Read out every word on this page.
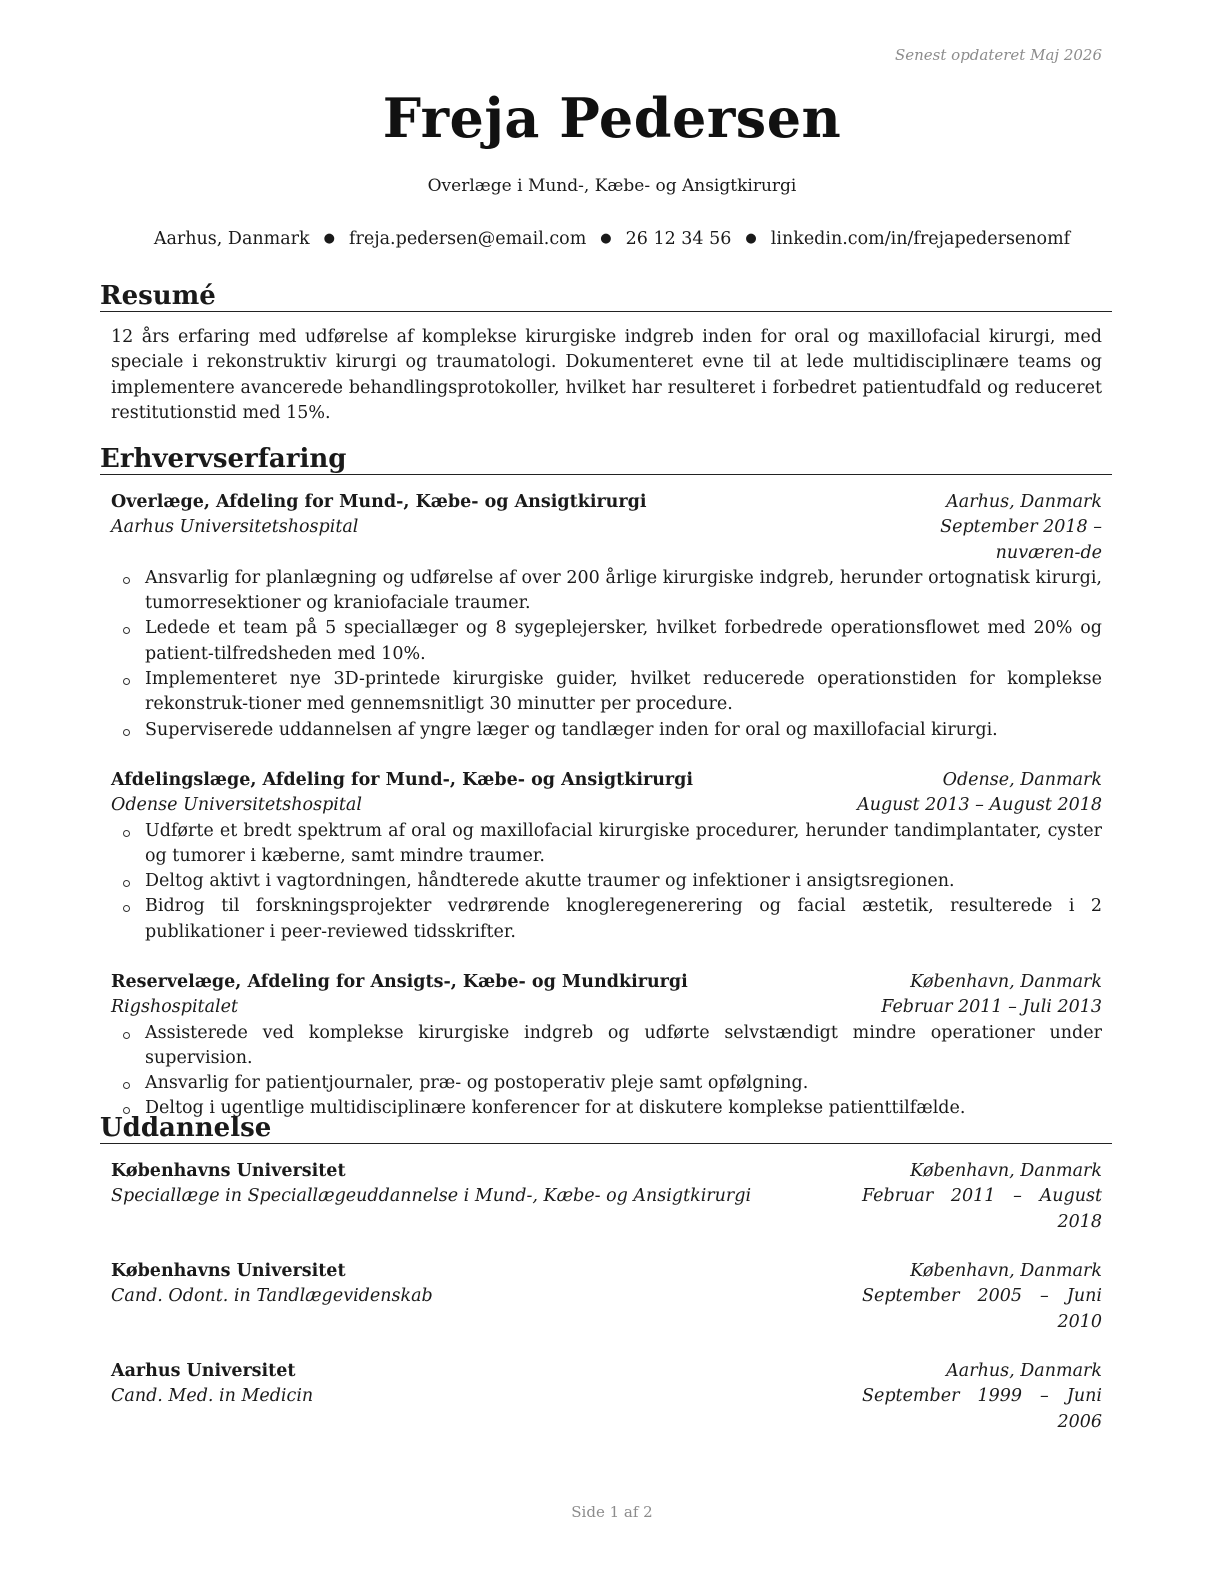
Senest opdateret Maj 2026
Freja Pedersen
Overlæge i Mund-, Kæbe- og Ansigtkirurgi
Aarhus, Danmark ● freja.pedersen@email.com ● 26 12 34 56 ● linkedin.com/in/frejapedersenomf
Resumé
12 års erfaring med udførelse af komplekse kirurgiske indgreb inden for oral og maxillofacial kirurgi, med speciale i rekonstruktiv kirurgi og traumatologi. Dokumenteret evne til at lede multidisciplinære teams og implementere avancerede behandlingsprotokoller, hvilket har resulteret i forbedret patientudfald og reduceret restitutionstid med 15%.
Erhvervserfaring
Overlæge, Afdeling for Mund-, Kæbe- og Ansigtkirurgi	Aarhus, Danmark
Aarhus Universitetshospital	September 2018 – nuværen-de
Ansvarlig for planlægning og udførelse af over 200 årlige kirurgiske indgreb, herunder ortognatisk kirurgi, tumorresektioner og kraniofaciale traumer.
Ledede et team på 5 speciallæger og 8 sygeplejersker, hvilket forbedrede operationsflowet med 20% og patient-tilfredsheden med 10%.
Implementeret nye 3D-printede kirurgiske guider, hvilket reducerede operationstiden for komplekse rekonstruk-tioner med gennemsnitligt 30 minutter per procedure.
Superviserede uddannelsen af yngre læger og tandlæger inden for oral og maxillofacial kirurgi.
Afdelingslæge, Afdeling for Mund-, Kæbe- og Ansigtkirurgi	Odense, Danmark
Odense Universitetshospital	August 2013 – August 2018
Udførte et bredt spektrum af oral og maxillofacial kirurgiske procedurer, herunder tandimplantater, cyster og tumorer i kæberne, samt mindre traumer.
Deltog aktivt i vagtordningen, håndterede akutte traumer og infektioner i ansigtsregionen.
Bidrog til forskningsprojekter vedrørende knogleregenerering og facial æstetik, resulterede i 2 publikationer i peer-reviewed tidsskrifter.
Reservelæge, Afdeling for Ansigts-, Kæbe- og Mundkirurgi	København, Danmark
Rigshospitalet	Februar 2011 – Juli 2013
Assisterede ved komplekse kirurgiske indgreb og udførte selvstændigt mindre operationer under supervision.
Ansvarlig for patientjournaler, præ- og postoperativ pleje samt opfølgning.
Deltog i ugentlige multidisciplinære konferencer for at diskutere komplekse patienttilfælde.
Uddannelse
Københavns Universitet	København, Danmark
Speciallæge in Speciallægeuddannelse i Mund-, Kæbe- og Ansigtkirurgi	Februar 2011 – August 2018
Københavns Universitet	København, Danmark
Cand. Odont. in Tandlægevidenskab	September 2005 – Juni 2010
Aarhus Universitet	Aarhus, Danmark
Cand. Med. in Medicin	September 1999 – Juni 2006
Side 1 af 2
